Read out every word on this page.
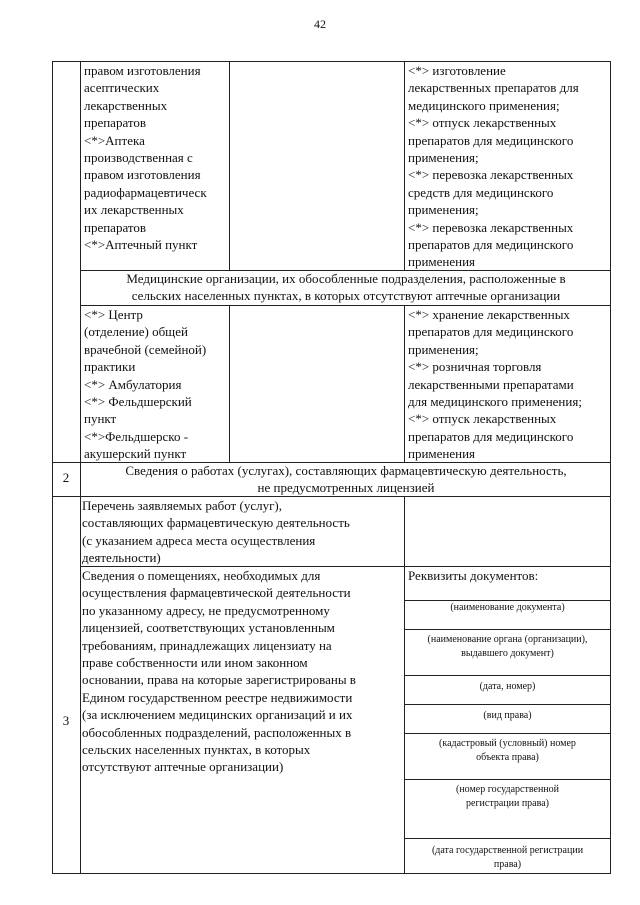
42
правом изготовления
асептических
лекарственных
препаратов
<*>Аптека
производственная с
правом изготовления
радиофармацевтическ
их лекарственных
препаратов
<*>Аптечный пункт
<*> изготовление
лекарственных препаратов для
медицинского применения;
<*> отпуск лекарственных
препаратов для медицинского
применения;
<*> перевозка лекарственных
средств для медицинского
применения;
<*> перевозка лекарственных
препаратов для медицинского
применения
Медицинские организации, их обособленные подразделения, расположенные в
сельских населенных пунктах, в которых отсутствуют аптечные организации
<*> Центр
(отделение) общей
врачебной (семейной)
практики
<*> Амбулатория
<*> Фельдшерский
пункт
<*>Фельдшерско -
акушерский пункт
<*> хранение лекарственных
препаратов для медицинского
применения;
<*> розничная торговля
лекарственными препаратами
для медицинского применения;
<*> отпуск лекарственных
препаратов для медицинского
применения
2	Сведения о работах (услугах), составляющих фармацевтическую деятельность,
не предусмотренных лицензией
Перечень заявляемых работ (услуг),
составляющих фармацевтическую деятельность
(с указанием адреса места осуществления
деятельности)
3
Сведения о помещениях, необходимых для
осуществления фармацевтической деятельности
по указанному адресу, не предусмотренному
лицензией, соответствующих установленным
требованиям, принадлежащих лицензиату на
праве собственности или ином законном
основании, права на которые зарегистрированы в
Едином государственном реестре недвижимости
(за исключением медицинских организаций и их
обособленных подразделений, расположенных в
сельских населенных пунктах, в которых
отсутствуют аптечные организации)
Реквизиты документов:
(наименование документа)
(наименование органа (организации),
выдавшего документ)
(дата, номер)
(вид права)
(кадастровый (условный) номер
объекта права)
(номер государственной
регистрации права)
(дата государственной регистрации
права)
